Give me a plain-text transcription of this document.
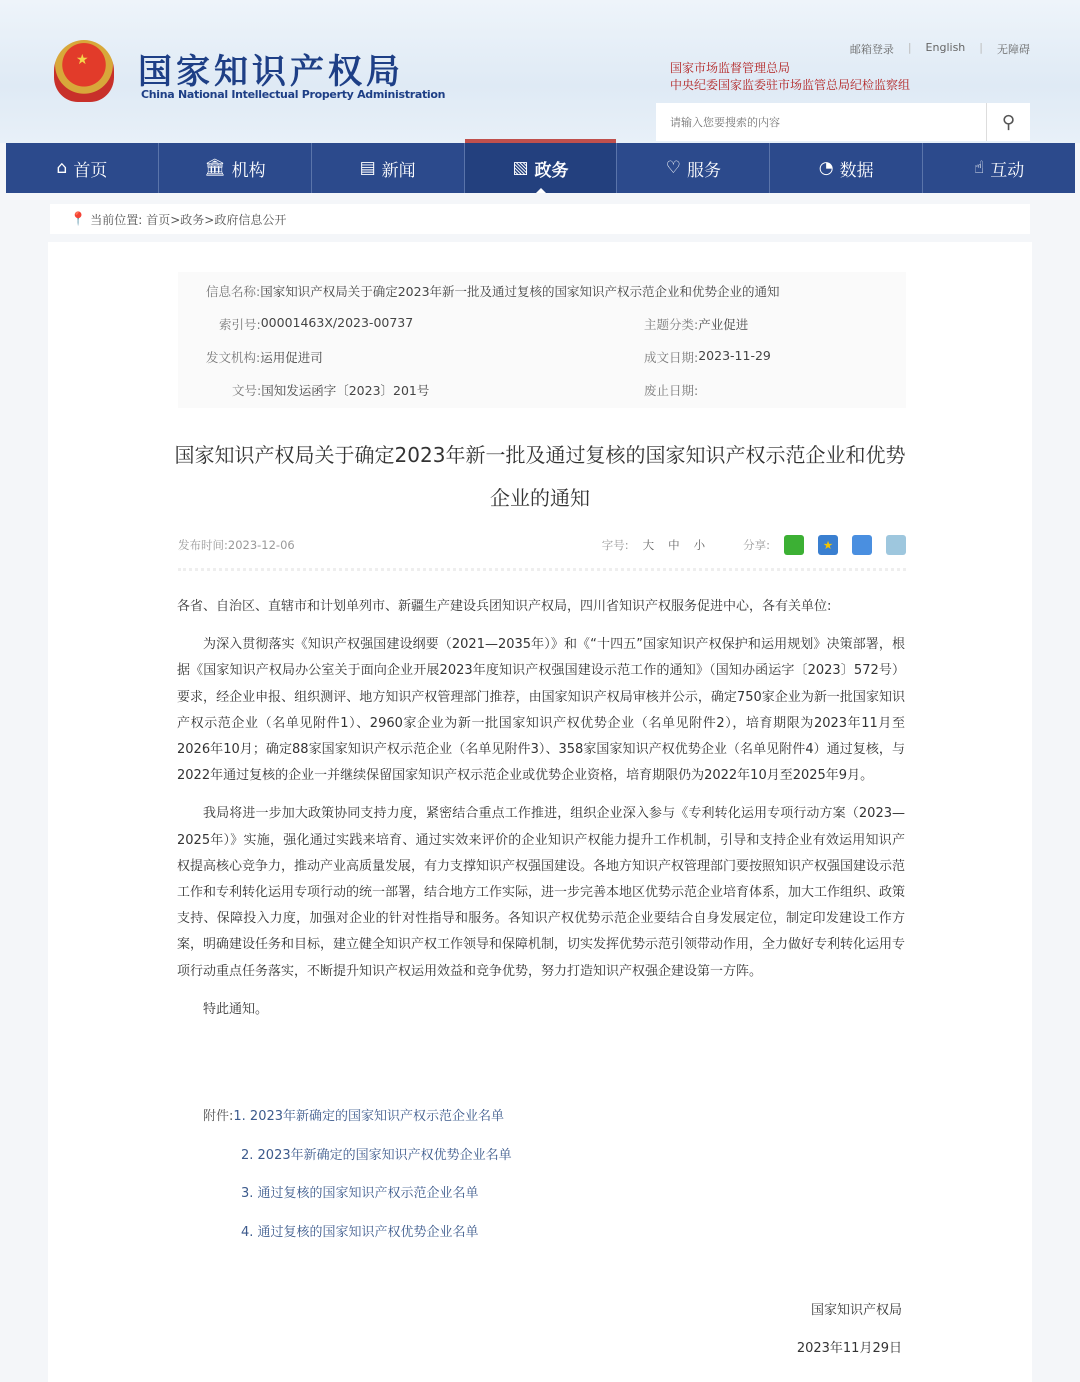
★ 国家知识产权局
China National Intellectual Property Administration
邮箱登录 | English | 无障碍
国家市场监督管理总局
中央纪委国家监委驻市场监管总局纪检监察组
请输入您要搜索的内容
⚲
⌂ 首页	🏛 机构	▤ 新闻	▧ 政务	♡ 服务	◔ 数据	☝ 互动
📍 当前位置: 首页>政务>政府信息公开
信息名称: 国家知识产权局关于确定2023年新一批及通过复核的国家知识产权示范企业和优势企业的通知
索引号: 00001463X/2023-00737	主题分类: 产业促进
发文机构: 运用促进司	成文日期: 2023-11-29
文号: 国知发运函字〔2023〕201号	废止日期:
国家知识产权局关于确定2023年新一批及通过复核的国家知识产权示范企业和优势企业的通知
发布时间:2023-12-06	字号: 大 中 小	分享:	★

各省、自治区、直辖市和计划单列市、新疆生产建设兵团知识产权局，四川省知识产权服务促进中心，各有关单位:

为深入贯彻落实《知识产权强国建设纲要（2021—2035年）》和《“十四五”国家知识产权保护和运用规划》决策部署，根据《国家知识产权局办公室关于面向企业开展2023年度知识产权强国建设示范工作的通知》（国知办函运字〔2023〕572号）要求，经企业申报、组织测评、地方知识产权管理部门推荐，由国家知识产权局审核并公示，确定750家企业为新一批国家知识产权示范企业（名单见附件1）、2960家企业为新一批国家知识产权优势企业（名单见附件2），培育期限为2023年11月至2026年10月；确定88家国家知识产权示范企业（名单见附件3）、358家国家知识产权优势企业（名单见附件4）通过复核，与2022年通过复核的企业一并继续保留国家知识产权示范企业或优势企业资格，培育期限仍为2022年10月至2025年9月。

我局将进一步加大政策协同支持力度，紧密结合重点工作推进，组织企业深入参与《专利转化运用专项行动方案（2023—2025年）》实施，强化通过实践来培育、通过实效来评价的企业知识产权能力提升工作机制，引导和支持企业有效运用知识产权提高核心竞争力，推动产业高质量发展，有力支撑知识产权强国建设。各地方知识产权管理部门要按照知识产权强国建设示范工作和专利转化运用专项行动的统一部署，结合地方工作实际，进一步完善本地区优势示范企业培育体系，加大工作组织、政策支持、保障投入力度，加强对企业的针对性指导和服务。各知识产权优势示范企业要结合自身发展定位，制定印发建设工作方案，明确建设任务和目标，建立健全知识产权工作领导和保障机制，切实发挥优势示范引领带动作用，全力做好专利转化运用专项行动重点任务落实，不断提升知识产权运用效益和竞争优势，努力打造知识产权强企建设第一方阵。

特此通知。

附件:1. 2023年新确定的国家知识产权示范企业名单
2. 2023年新确定的国家知识产权优势企业名单
3. 通过复核的国家知识产权示范企业名单
4. 通过复核的国家知识产权优势企业名单
国家知识产权局
2023年11月29日
